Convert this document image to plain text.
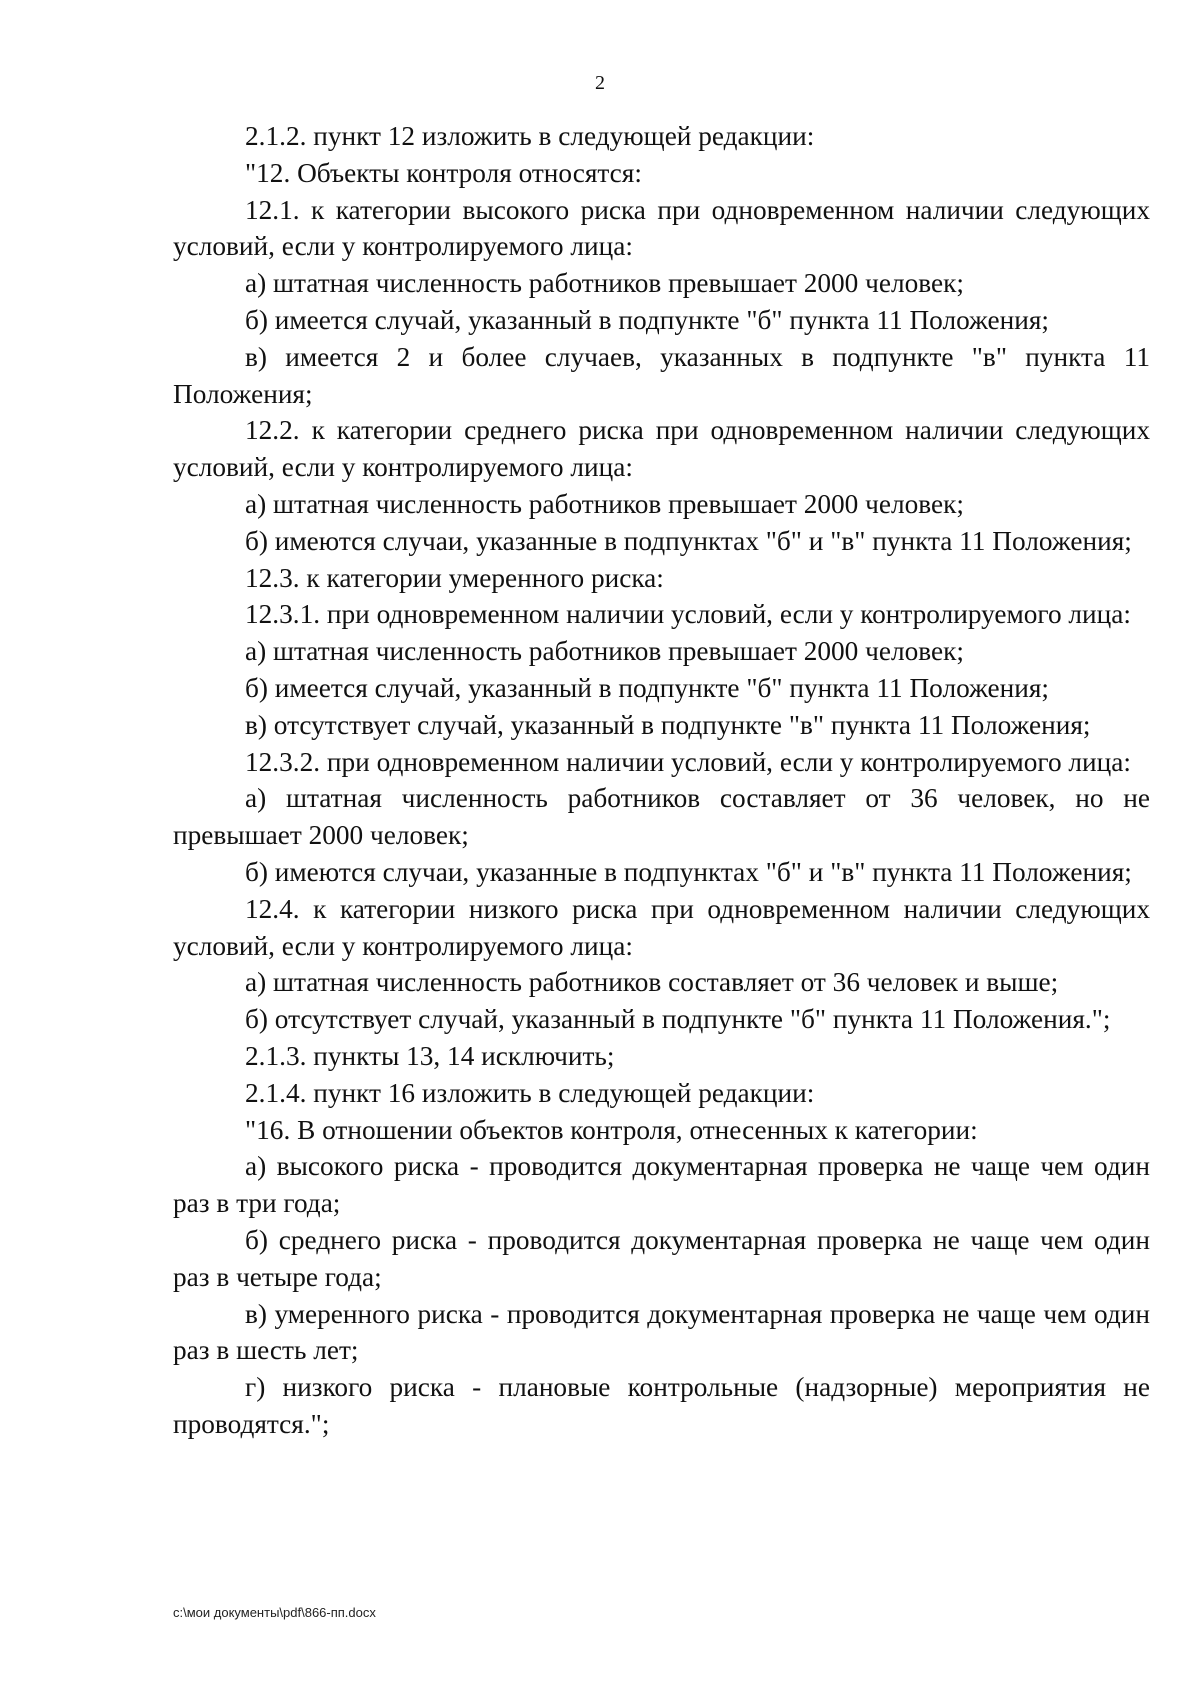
2

2.1.2. пункт 12 изложить в следующей редакции:

"12. Объекты контроля относятся:

12.1. к категории высокого риска при одновременном наличии следующих условий, если у контролируемого лица:

а) штатная численность работников превышает 2000 человек;

б) имеется случай, указанный в подпункте "б" пункта 11 Положения;

в) имеется 2 и более случаев, указанных в подпункте "в" пункта 11 Положения;

12.2. к категории среднего риска при одновременном наличии следующих условий, если у контролируемого лица:

а) штатная численность работников превышает 2000 человек;

б) имеются случаи, указанные в подпунктах "б" и "в" пункта 11 Положения;

12.3. к категории умеренного риска:

12.3.1. при одновременном наличии условий, если у контролируемого лица:

а) штатная численность работников превышает 2000 человек;

б) имеется случай, указанный в подпункте "б" пункта 11 Положения;

в) отсутствует случай, указанный в подпункте "в" пункта 11 Положения;

12.3.2. при одновременном наличии условий, если у контролируемого лица:

а) штатная численность работников составляет от 36 человек, но не превышает 2000 человек;

б) имеются случаи, указанные в подпунктах "б" и "в" пункта 11 Положения;

12.4. к категории низкого риска при одновременном наличии следующих условий, если у контролируемого лица:

а) штатная численность работников составляет от 36 человек и выше;

б) отсутствует случай, указанный в подпункте "б" пункта 11 Положения.";

2.1.3. пункты 13, 14 исключить;

2.1.4. пункт 16 изложить в следующей редакции:

"16. В отношении объектов контроля, отнесенных к категории:

а) высокого риска - проводится документарная проверка не чаще чем один раз в три года;

б) среднего риска - проводится документарная проверка не чаще чем один раз в четыре года;

в) умеренного риска - проводится документарная проверка не чаще чем один раз в шесть лет;

г) низкого риска - плановые контрольные (надзорные) мероприятия не проводятся.";

c:\мои документы\pdf\866-пп.docx
